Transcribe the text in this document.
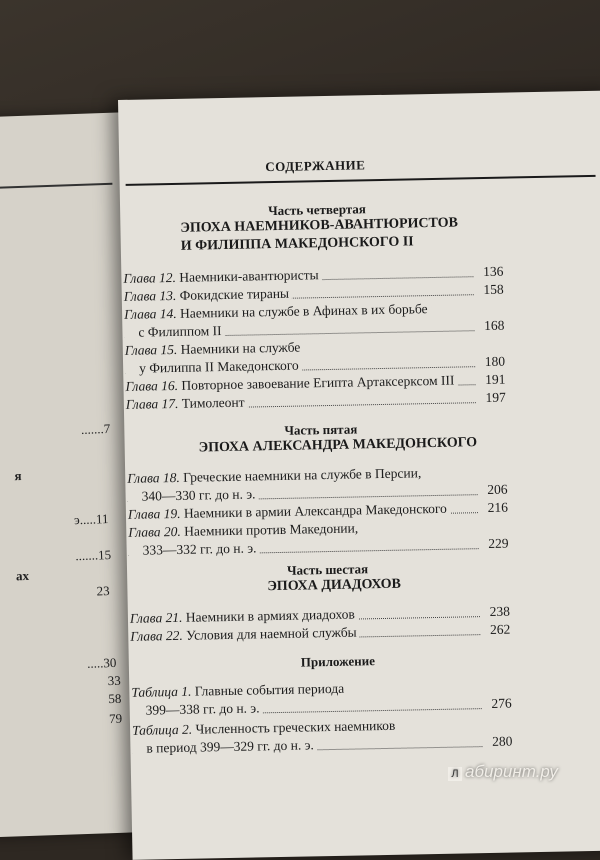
.......7
я
э.....11
.......15
ах
23
.....30
33
58
79
СОДЕРЖАНИЕ
Часть четвертая
ЭПОХА НАЕМНИКОВ-АВАНТЮРИСТОВ
И ФИЛИППА МАКЕДОНСКОГО II
Глава 12. Наемники-авантюристы	136
Глава 13. Фокидские тираны	158
Глава 14. Наемники на службе в Афинах в их борьбе
с Филиппом II	168
Глава 15. Наемники на службе
у Филиппа II Македонского	180
Глава 16. Повторное завоевание Египта Артаксерксом III 191
Глава 17. Тимолеонт	197
Часть пятая
ЭПОХА АЛЕКСАНДРА МАКЕДОНСКОГО
Глава 18. Греческие наемники на службе в Персии,
340—330 гг. до н. э.	206
Глава 19. Наемники в армии Александра Македонского	216
Глава 20. Наемники против Македонии,
333—332 гг. до н. э.	229
Часть шестая
ЭПОХА ДИАДОХОВ
Глава 21. Наемники в армиях диадохов	238
Глава 22. Условия для наемной службы	262
Приложение
Таблица 1. Главные события периода
399—338 гг. до н. э.	276
Таблица 2. Численность греческих наемников
в период 399—329 гг. до н. э.	280
Л абиринт.ру
